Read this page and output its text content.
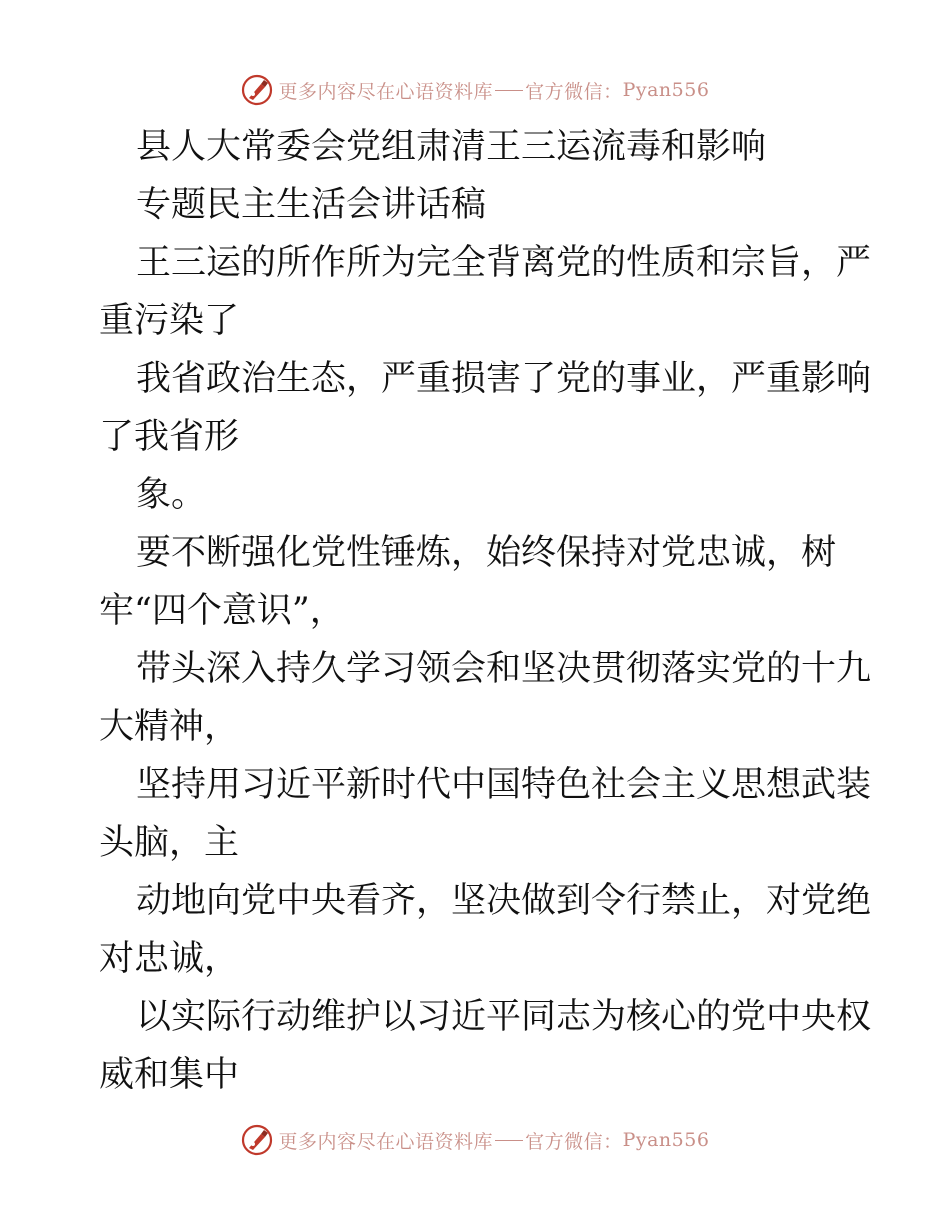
更多内容尽在心语资料库 官方微信： Pyan556
县人大常委会党组肃清王三运流毒和影响
专题民主生活会讲话稿
王三运的所作所为完全背离党的性质和宗旨，严
重污染了
我省政治生态，严重损害了党的事业，严重影响
了我省形
象。
要不断强化党性锤炼，始终保持对党忠诚，树
牢“四个意识”，
带头深入持久学习领会和坚决贯彻落实党的十九
大精神，
坚持用习近平新时代中国特色社会主义思想武装
头脑，主
动地向党中央看齐，坚决做到令行禁止，对党绝
对忠诚，
以实际行动维护以习近平同志为核心的党中央权
威和集中
更多内容尽在心语资料库 官方微信： Pyan556
